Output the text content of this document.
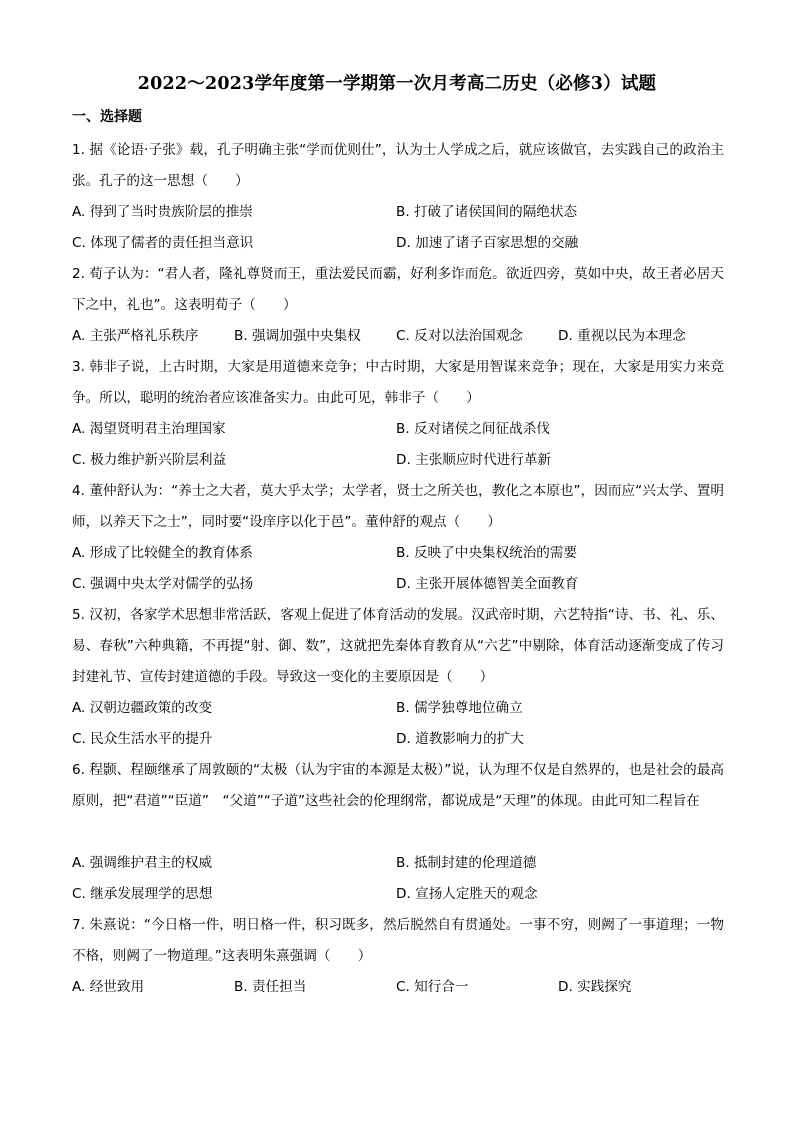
2022～2023学年度第一学期第一次月考高二历史（必修3）试题
一、选择题
1. 据《论语·子张》载，孔子明确主张“学而优则仕”，认为士人学成之后，就应该做官，去实践自己的政治主张。孔子的这一思想（　　）
A. 得到了当时贵族阶层的推崇	B. 打破了诸侯国间的隔绝状态
C. 体现了儒者的责任担当意识	D. 加速了诸子百家思想的交融
2. 荀子认为：“君人者，隆礼尊贤而王，重法爱民而霸，好利多诈而危。欲近四旁，莫如中央，故王者必居天下之中，礼也”。这表明荀子（　　）
A. 主张严格礼乐秩序	B. 强调加强中央集权	C. 反对以法治国观念	D. 重视以民为本理念
3. 韩非子说，上古时期，大家是用道德来竞争；中古时期，大家是用智谋来竞争；现在，大家是用实力来竞争。所以，聪明的统治者应该准备实力。由此可见，韩非子（　　）
A. 渴望贤明君主治理国家	B. 反对诸侯之间征战杀伐
C. 极力维护新兴阶层利益	D. 主张顺应时代进行革新
4. 董仲舒认为：“养士之大者，莫大乎太学；太学者，贤士之所关也，教化之本原也”，因而应“兴太学、置明师，以养天下之士”，同时要“设庠序以化于邑”。董仲舒的观点（　　）
A. 形成了比较健全的教育体系	B. 反映了中央集权统治的需要
C. 强调中央太学对儒学的弘扬	D. 主张开展体德智美全面教育
5. 汉初，各家学术思想非常活跃，客观上促进了体育活动的发展。汉武帝时期，六艺特指“诗、书、礼、乐、易、春秋”六种典籍，不再提“射、御、数”，这就把先秦体育教育从“六艺”中剔除，体育活动逐渐变成了传习封建礼节、宣传封建道德的手段。导致这一变化的主要原因是（　　）
A. 汉朝边疆政策的改变	B. 儒学独尊地位确立
C. 民众生活水平的提升	D. 道教影响力的扩大
6. 程颢、程颐继承了周敦颐的“太极（认为宇宙的本源是太极）”说，认为理不仅是自然界的，也是社会的最高原则，把“君道”“臣道”　“父道”“子道”这些社会的伦理纲常，都说成是“天理”的体现。由此可知二程旨在
A. 强调维护君主的权威	B. 抵制封建的伦理道德
C. 继承发展理学的思想	D. 宣扬人定胜天的观念
7. 朱熹说：“今日格一件，明日格一件，积习既多，然后脱然自有贯通处。一事不穷，则阙了一事道理；一物不格，则阙了一物道理。”这表明朱熹强调（　　）
A. 经世致用	B. 责任担当	C. 知行合一	D. 实践探究
